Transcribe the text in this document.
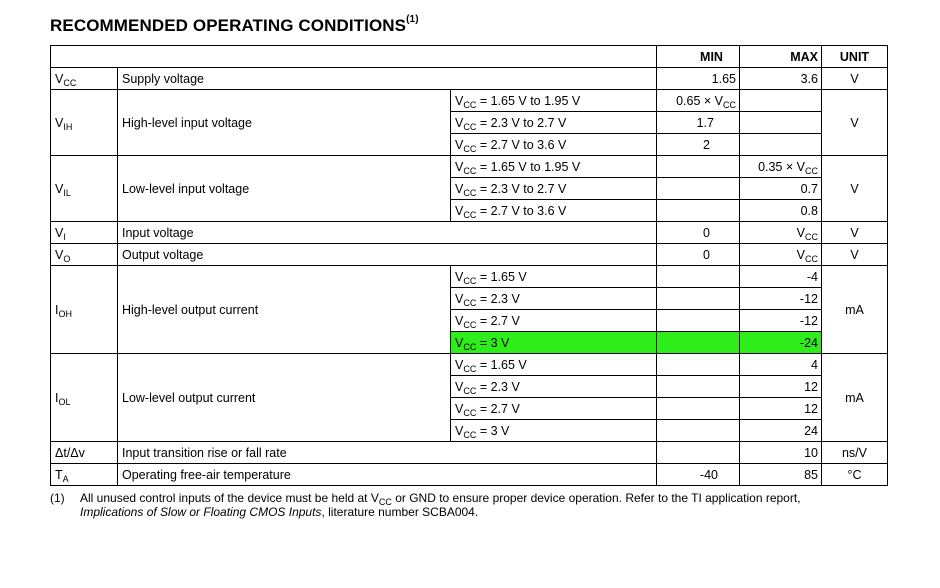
RECOMMENDED OPERATING CONDITIONS$^{(1)}$
			MIN	MAX	UNIT
$V_{CC}$	Supply voltage		1.65	3.6	V
$V_{IH}$	High-level input voltage	$V_{CC} = 1.65$ V to 1.95 V	$0.65 \times V_{CC}$		V
		$V_{CC} = 2.3$ V to 2.7 V	1.7		
		$V_{CC} = 2.7$ V to 3.6 V	2		
$V_{IL}$	Low-level input voltage	$V_{CC} = 1.65$ V to 1.95 V		$0.35 \times V_{CC}$	V
		$V_{CC} = 2.3$ V to 2.7 V		0.7	
		$V_{CC} = 2.7$ V to 3.6 V		0.8	
$V_I$	Input voltage		0	$V_{CC}$	V
$V_O$	Output voltage		0	$V_{CC}$	V
$I_{OH}$	High-level output current	$V_{CC} = 1.65$ V		-4	mA
		$V_{CC} = 2.3$ V		-12	
		$V_{CC} = 2.7$ V		-12	
		$V_{CC} = 3$ V		-24	
$I_{OL}$	Low-level output current	$V_{CC} = 1.65$ V		4	mA
		$V_{CC} = 2.3$ V		12	
		$V_{CC} = 2.7$ V		12	
		$V_{CC} = 3$ V		24	
Δt/Δv	Input transition rise or fall rate			10	ns/V
$T_A$	Operating free-air temperature		-40	85	°C
(1) All unused control inputs of the device must be held at $V_{CC}$ or GND to ensure proper device operation. Refer to the TI application report,
Implications of Slow or Floating CMOS Inputs, literature number SCBA004.
